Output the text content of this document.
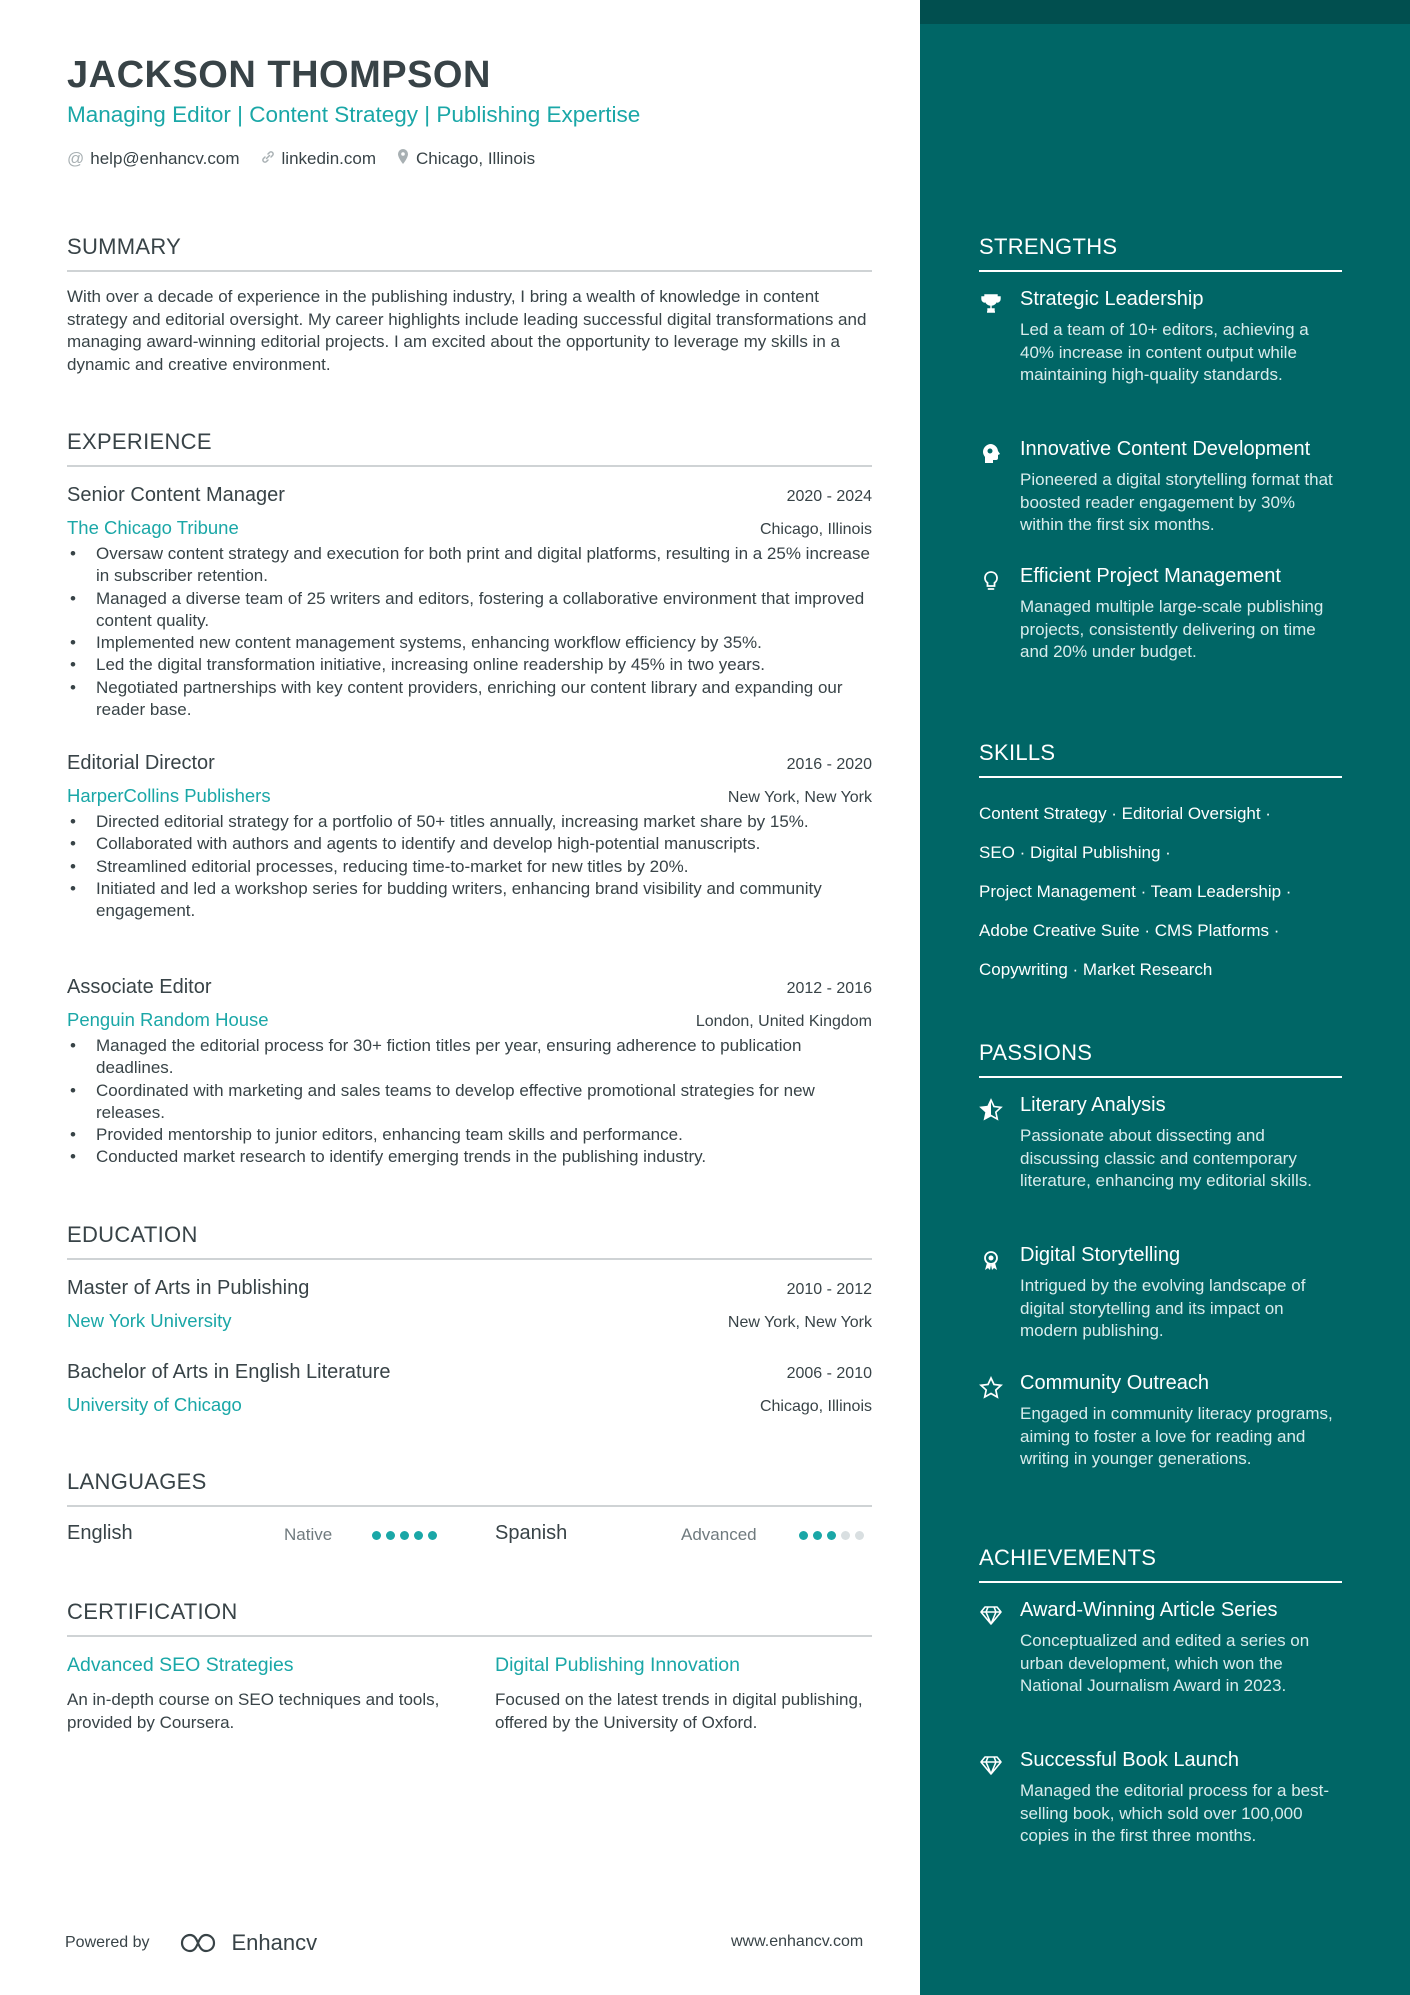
JACKSON THOMPSON
Managing Editor | Content Strategy | Publishing Expertise
@ help@enhancv.com linkedin.com Chicago, Illinois
SUMMARY
With over a decade of experience in the publishing industry, I bring a wealth of knowledge in content strategy and editorial oversight. My career highlights include leading successful digital transformations and managing award-winning editorial projects. I am excited about the opportunity to leverage my skills in a dynamic and creative environment.
EXPERIENCE
Senior Content Manager	2020 - 2024
The Chicago Tribune	Chicago, Illinois
• Oversaw content strategy and execution for both print and digital platforms, resulting in a 25% increase in subscriber retention.
• Managed a diverse team of 25 writers and editors, fostering a collaborative environment that improved content quality.
• Implemented new content management systems, enhancing workflow efficiency by 35%.
• Led the digital transformation initiative, increasing online readership by 45% in two years.
• Negotiated partnerships with key content providers, enriching our content library and expanding our reader base.
Editorial Director	2016 - 2020
HarperCollins Publishers	New York, New York
• Directed editorial strategy for a portfolio of 50+ titles annually, increasing market share by 15%.
• Collaborated with authors and agents to identify and develop high-potential manuscripts.
• Streamlined editorial processes, reducing time-to-market for new titles by 20%.
• Initiated and led a workshop series for budding writers, enhancing brand visibility and community engagement.
Associate Editor	2012 - 2016
Penguin Random House	London, United Kingdom
• Managed the editorial process for 30+ fiction titles per year, ensuring adherence to publication deadlines.
• Coordinated with marketing and sales teams to develop effective promotional strategies for new releases.
• Provided mentorship to junior editors, enhancing team skills and performance.
• Conducted market research to identify emerging trends in the publishing industry.
EDUCATION
Master of Arts in Publishing	2010 - 2012
New York University	New York, New York
Bachelor of Arts in English Literature	2006 - 2010
University of Chicago	Chicago, Illinois
LANGUAGES
English	Native	Spanish	Advanced
CERTIFICATION
Advanced SEO Strategies
An in-depth course on SEO techniques and tools, provided by Coursera.
Digital Publishing Innovation
Focused on the latest trends in digital publishing, offered by the University of Oxford.
Powered by	Enhancv	www.enhancv.com
STRENGTHS
Strategic Leadership
Led a team of 10+ editors, achieving a 40% increase in content output while maintaining high-quality standards.
Innovative Content Development
Pioneered a digital storytelling format that boosted reader engagement by 30% within the first six months.
Efficient Project Management
Managed multiple large-scale publishing projects, consistently delivering on time and 20% under budget.
SKILLS
Content Strategy · Editorial Oversight ·
SEO · Digital Publishing ·
Project Management · Team Leadership ·
Adobe Creative Suite · CMS Platforms ·
Copywriting · Market Research
PASSIONS
Literary Analysis
Passionate about dissecting and discussing classic and contemporary literature, enhancing my editorial skills.
Digital Storytelling
Intrigued by the evolving landscape of digital storytelling and its impact on modern publishing.
Community Outreach
Engaged in community literacy programs, aiming to foster a love for reading and writing in younger generations.
ACHIEVEMENTS
Award-Winning Article Series
Conceptualized and edited a series on urban development, which won the National Journalism Award in 2023.
Successful Book Launch
Managed the editorial process for a best-selling book, which sold over 100,000 copies in the first three months.
